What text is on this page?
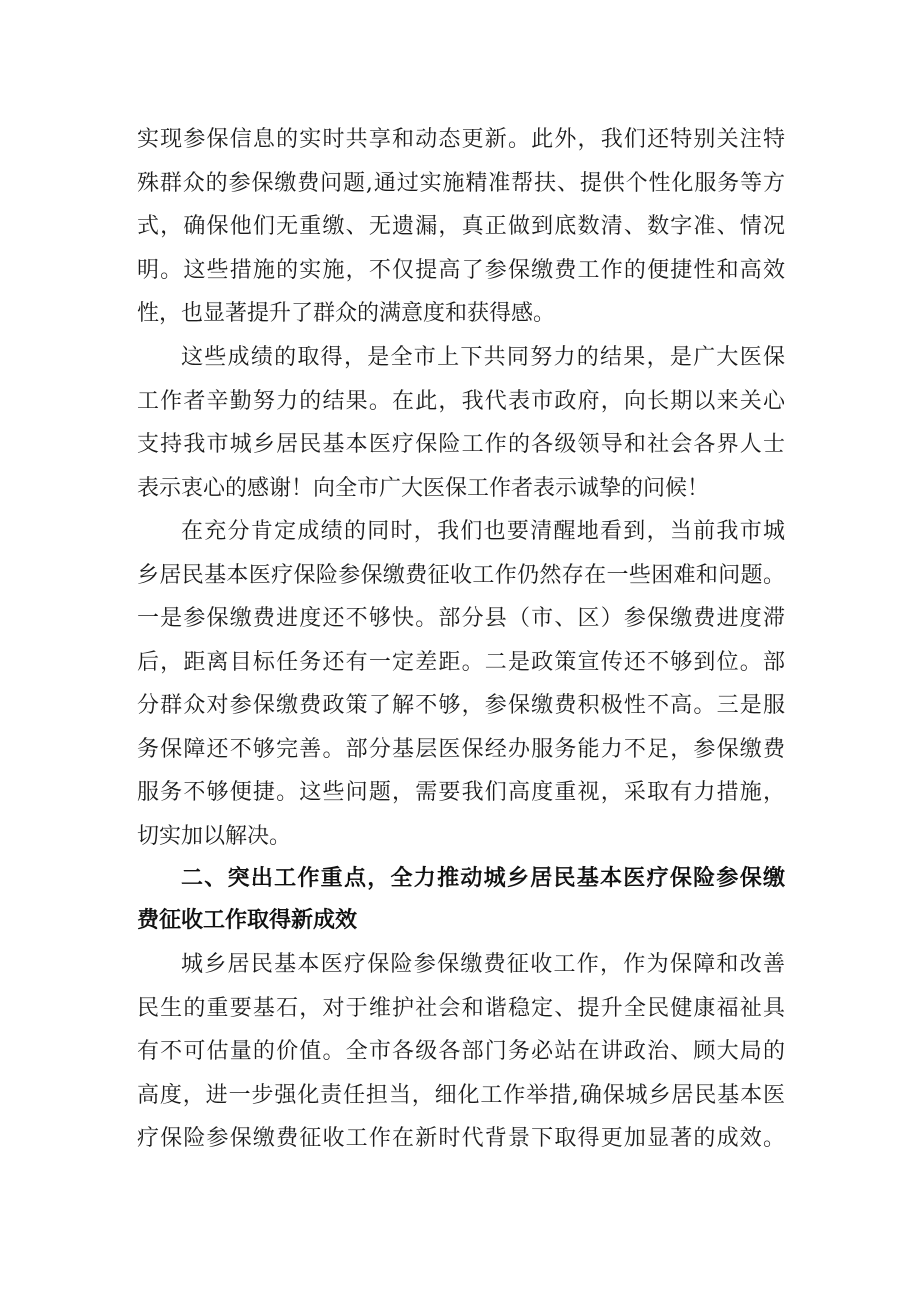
实现参保信息的实时共享和动态更新。此外，我们还特别关注特
殊群众的参保缴费问题,通过实施精准帮扶、提供个性化服务等方
式，确保他们无重缴、无遗漏，真正做到底数清、数字准、情况
明。这些措施的实施，不仅提高了参保缴费工作的便捷性和高效
性，也显著提升了群众的满意度和获得感。
这些成绩的取得，是全市上下共同努力的结果，是广大医保
工作者辛勤努力的结果。在此，我代表市政府，向长期以来关心
支持我市城乡居民基本医疗保险工作的各级领导和社会各界人士
表示衷心的感谢！向全市广大医保工作者表示诚挚的问候！
在充分肯定成绩的同时，我们也要清醒地看到，当前我市城
乡居民基本医疗保险参保缴费征收工作仍然存在一些困难和问题。
一是参保缴费进度还不够快。部分县（市、区）参保缴费进度滞
后，距离目标任务还有一定差距。二是政策宣传还不够到位。部
分群众对参保缴费政策了解不够，参保缴费积极性不高。三是服
务保障还不够完善。部分基层医保经办服务能力不足，参保缴费
服务不够便捷。这些问题，需要我们高度重视，采取有力措施，
切实加以解决。
二、突出工作重点，全力推动城乡居民基本医疗保险参保缴
费征收工作取得新成效
城乡居民基本医疗保险参保缴费征收工作，作为保障和改善
民生的重要基石，对于维护社会和谐稳定、提升全民健康福祉具
有不可估量的价值。全市各级各部门务必站在讲政治、顾大局的
高度，进一步强化责任担当，细化工作举措,确保城乡居民基本医
疗保险参保缴费征收工作在新时代背景下取得更加显著的成效。
